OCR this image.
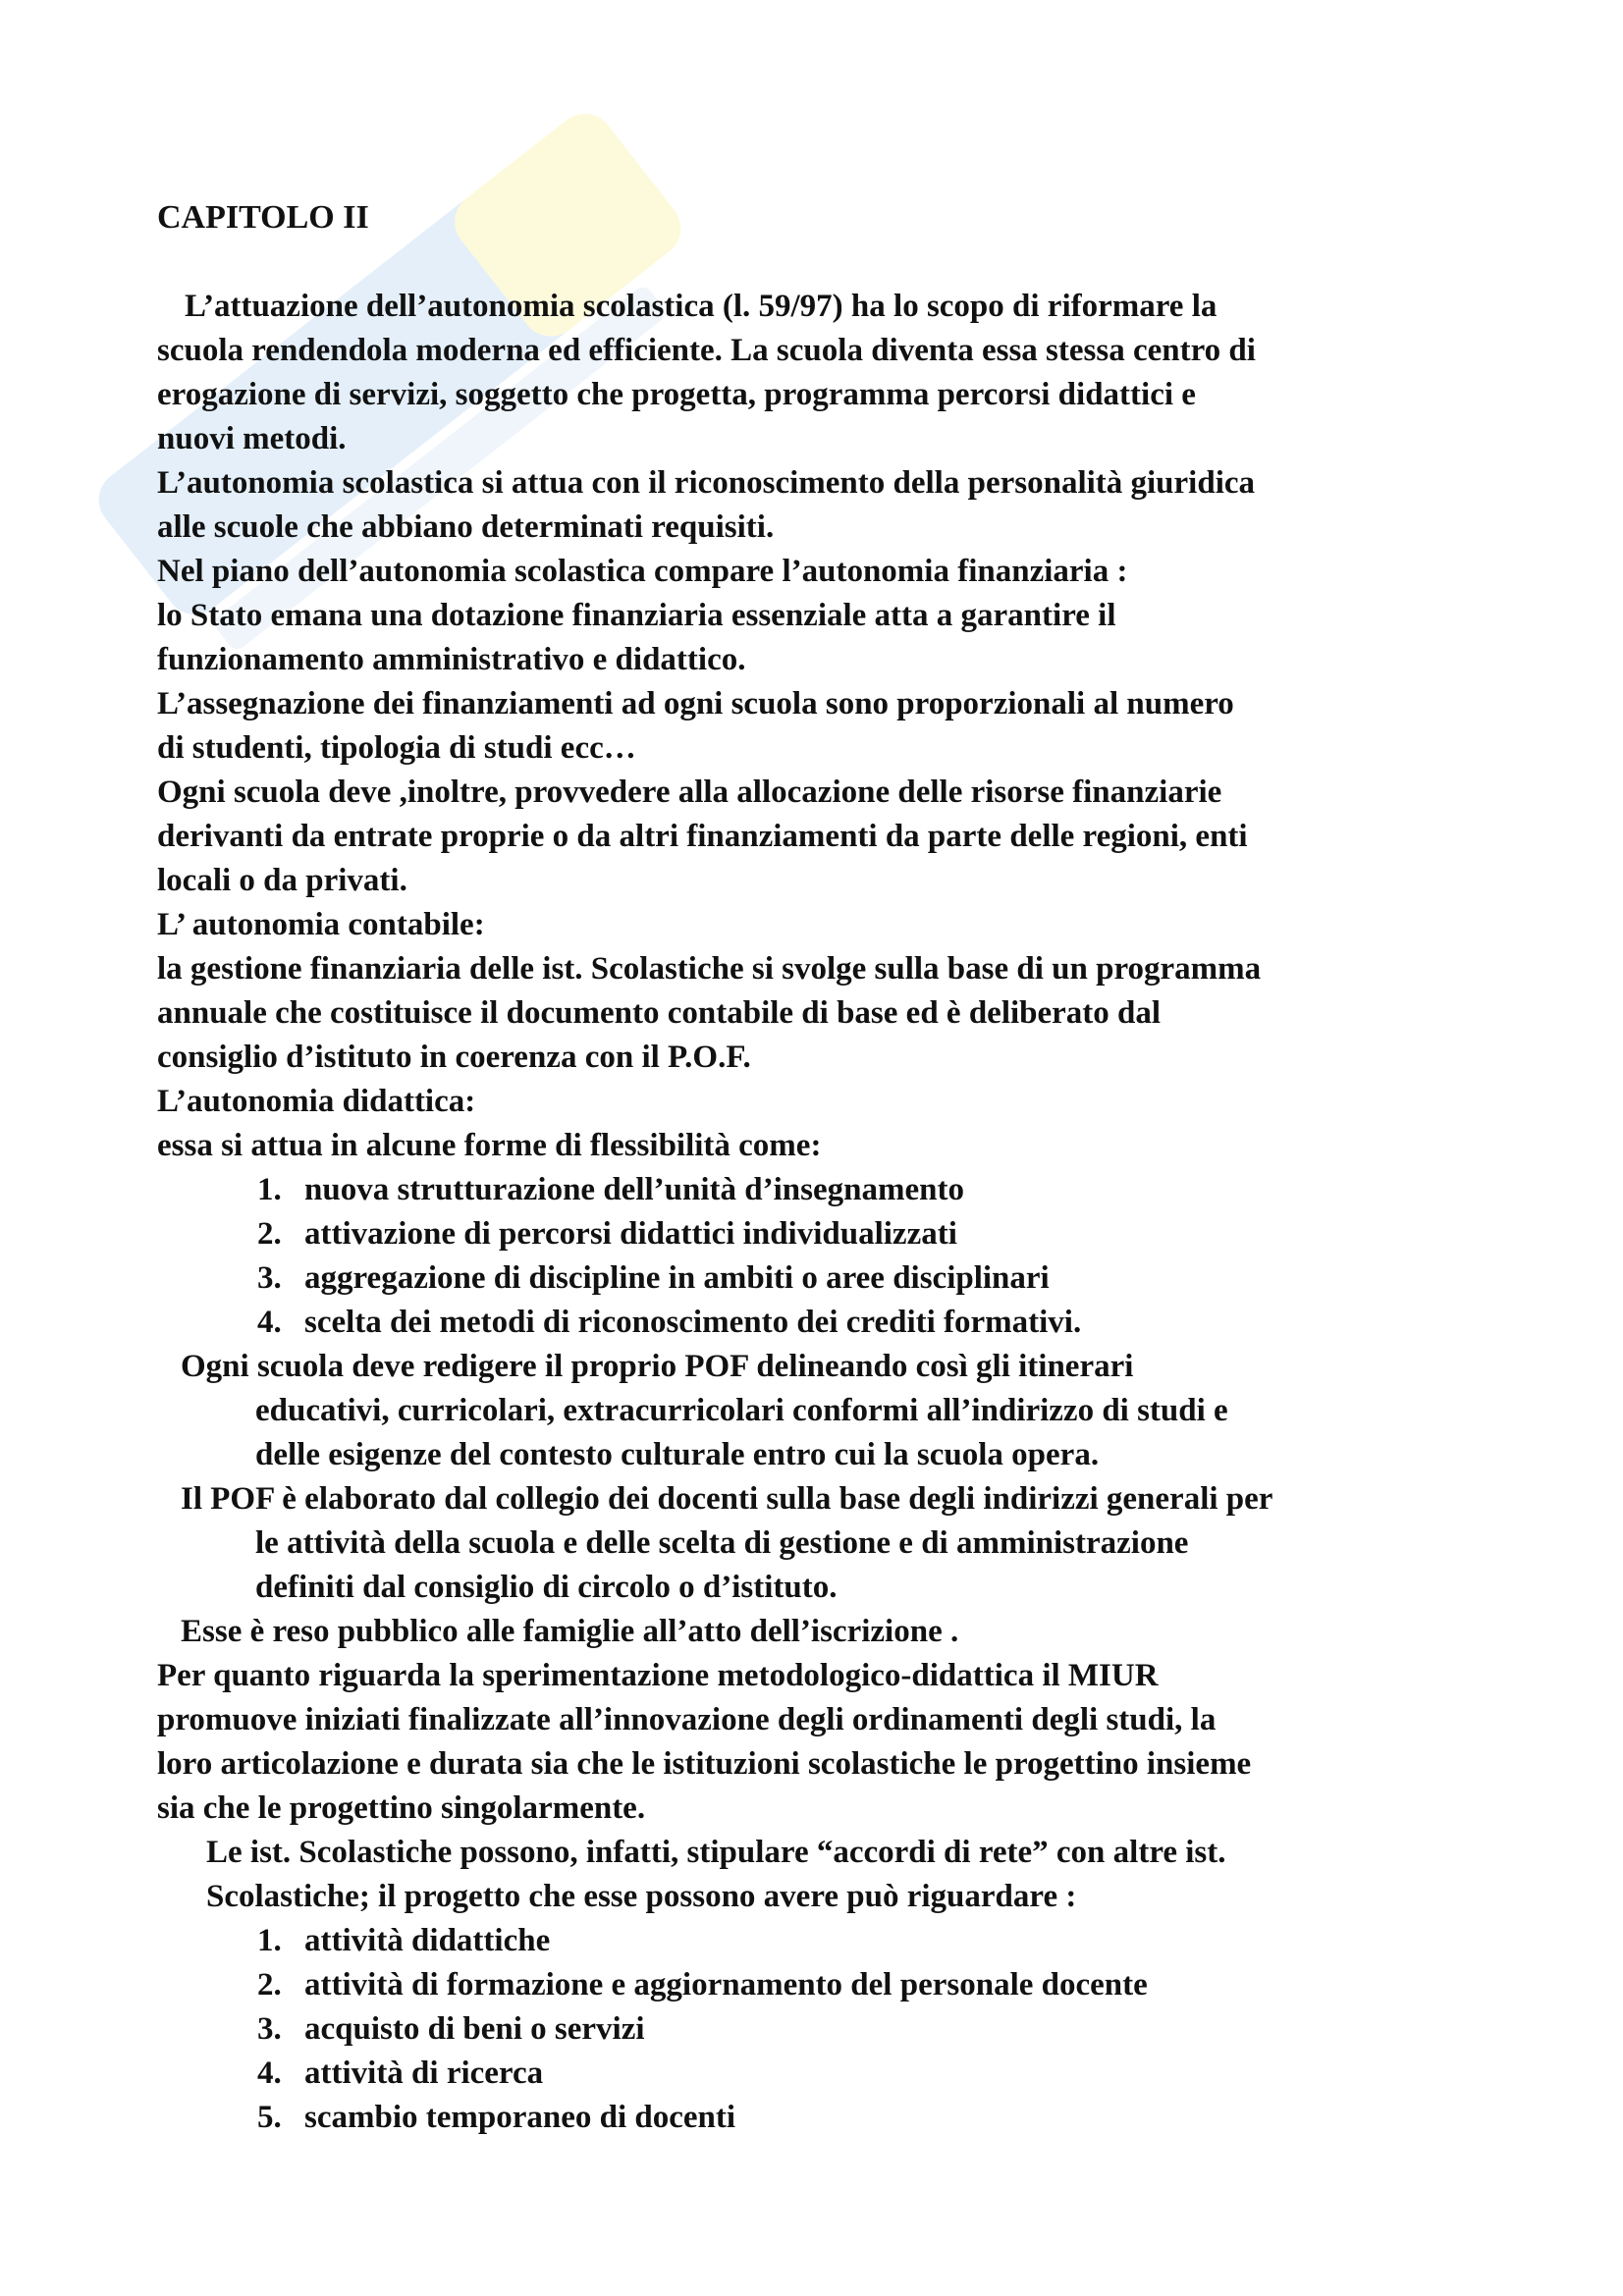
CAPITOLO II
L’attuazione dell’autonomia scolastica (l. 59/97) ha lo scopo di riformare la
scuola rendendola moderna ed efficiente. La scuola diventa essa stessa centro di
erogazione di servizi, soggetto che progetta, programma percorsi didattici e
nuovi metodi.
L’autonomia scolastica si attua con il riconoscimento della personalità giuridica
alle scuole che abbiano determinati requisiti.
Nel piano dell’autonomia scolastica compare l’autonomia finanziaria :
lo Stato emana una dotazione finanziaria essenziale atta a garantire il
funzionamento amministrativo e didattico.
L’assegnazione dei finanziamenti ad ogni scuola sono proporzionali al numero
di studenti, tipologia di studi ecc…
Ogni scuola deve ,inoltre, provvedere alla allocazione delle risorse finanziarie
derivanti da entrate proprie o da altri finanziamenti da parte delle regioni, enti
locali o da privati.
L’ autonomia contabile:
la gestione finanziaria delle ist. Scolastiche si svolge sulla base di un programma
annuale che costituisce il documento contabile di base ed è deliberato dal
consiglio d’istituto in coerenza con il P.O.F.
L’autonomia didattica:
essa si attua in alcune forme di flessibilità come:
1. nuova strutturazione dell’unità d’insegnamento
2. attivazione di percorsi didattici individualizzati
3. aggregazione di discipline in ambiti o aree disciplinari
4. scelta dei metodi di riconoscimento dei crediti formativi.
Ogni scuola deve redigere il proprio POF delineando così gli itinerari
educativi, curricolari, extracurricolari conformi all’indirizzo di studi e
delle esigenze del contesto culturale entro cui la scuola opera.
Il POF è elaborato dal collegio dei docenti sulla base degli indirizzi generali per
le attività della scuola e delle scelta di gestione e di amministrazione
definiti dal consiglio di circolo o d’istituto.
Esse è reso pubblico alle famiglie all’atto dell’iscrizione .
Per quanto riguarda la sperimentazione metodologico-didattica il MIUR
promuove iniziati finalizzate all’innovazione degli ordinamenti degli studi, la
loro articolazione e durata sia che le istituzioni scolastiche le progettino insieme
sia che le progettino singolarmente.
Le ist. Scolastiche possono, infatti, stipulare “accordi di rete” con altre ist.
Scolastiche; il progetto che esse possono avere può riguardare :
1. attività didattiche
2. attività di formazione e aggiornamento del personale docente
3. acquisto di beni o servizi
4. attività di ricerca
5. scambio temporaneo di docenti
